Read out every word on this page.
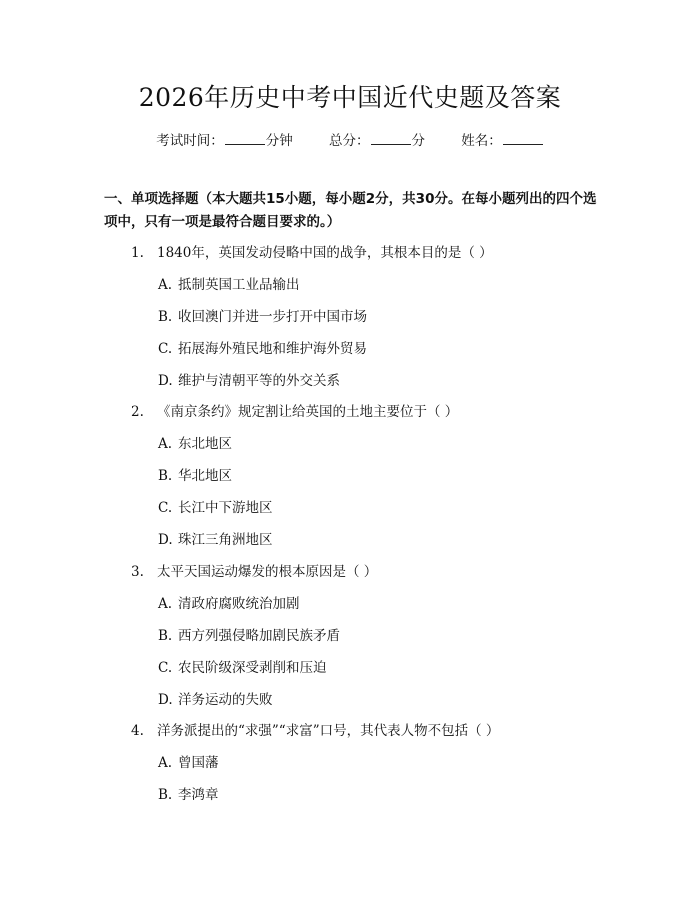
2026年历史中考中国近代史题及答案
考试时间：	分钟	总分：	分	姓名：
一、单项选择题（本大题共15小题，每小题2分，共30分。在每小题列出的四个选项中，只有一项是最符合题目要求的。）
1. 1840年，英国发动侵略中国的战争，其根本目的是（ ）
A. 抵制英国工业品输出
B. 收回澳门并进一步打开中国市场
C. 拓展海外殖民地和维护海外贸易
D. 维护与清朝平等的外交关系
2. 《南京条约》规定割让给英国的土地主要位于（ ）
A. 东北地区
B. 华北地区
C. 长江中下游地区
D. 珠江三角洲地区
3. 太平天国运动爆发的根本原因是（ ）
A. 清政府腐败统治加剧
B. 西方列强侵略加剧民族矛盾
C. 农民阶级深受剥削和压迫
D. 洋务运动的失败
4. 洋务派提出的“求强”“求富”口号，其代表人物不包括（ ）
A. 曾国藩
B. 李鸿章
